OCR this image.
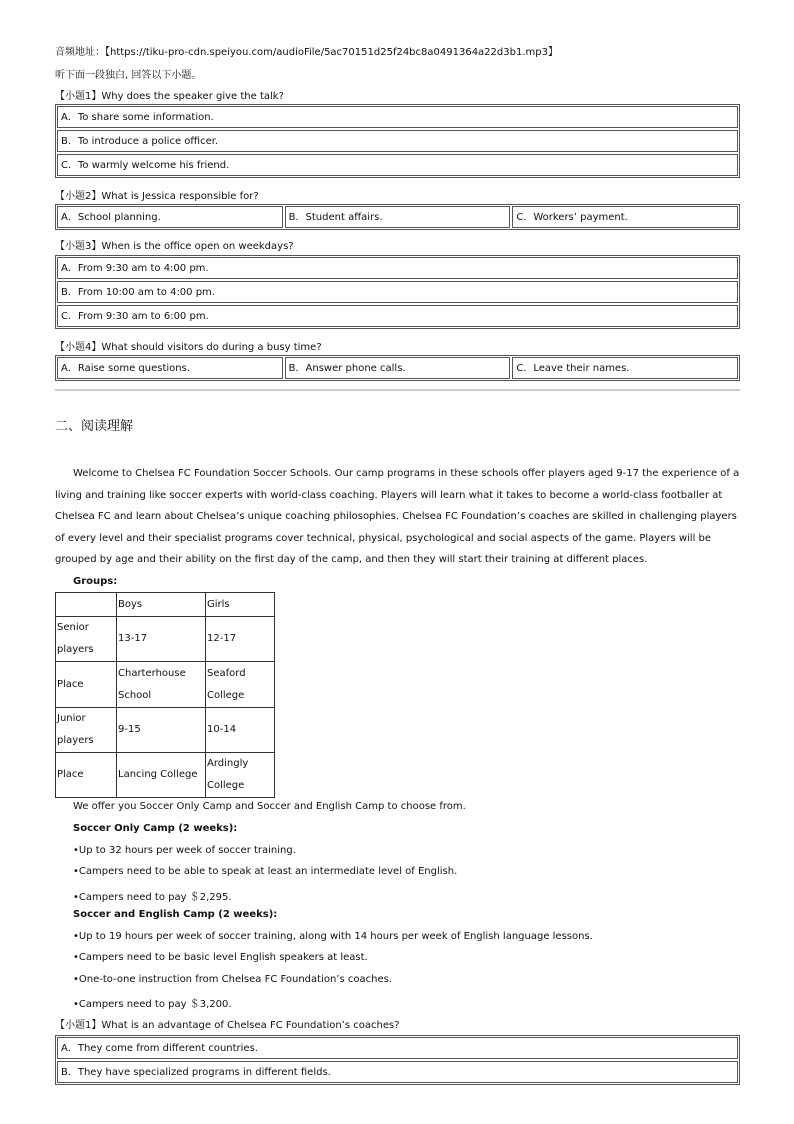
音频地址：【https://tiku-pro-cdn.speiyou.com/audioFile/5ac70151d25f24bc8a0491364a22d3b1.mp3】
听下面一段独白, 回答以下小题。
【小题1】Why does the speaker give the talk?
A．To share some information.
B．To introduce a police officer.
C．To warmly welcome his friend.
【小题2】What is Jessica responsible for?
A．School planning.	B．Student affairs.	C．Workers’ payment.
【小题3】When is the office open on weekdays?
A．From 9:30 am to 4:00 pm.
B．From 10:00 am to 4:00 pm.
C．From 9:30 am to 6:00 pm.
【小题4】What should visitors do during a busy time?
A．Raise some questions.	B．Answer phone calls.	C．Leave their names.
二、阅读理解

Welcome to Chelsea FC Foundation Soccer Schools. Our camp programs in these schools offer players aged 9-17 the experience of a living and training like soccer experts with world-class coaching. Players will learn what it takes to become a world-class footballer at Chelsea FC and learn about Chelsea’s unique coaching philosophies. Chelsea FC Foundation’s coaches are skilled in challenging players of every level and their specialist programs cover technical, physical, psychological and social aspects of the game. Players will be grouped by age and their ability on the first day of the camp, and then they will start their training at different places.

Groups:
	Boys	Girls
Senior players	13-17	12-17
Place	Charterhouse School	Seaford College
Junior players	9-15	10-14
Place	Lancing College	Ardingly College
We offer you Soccer Only Camp and Soccer and English Camp to choose from.
Soccer Only Camp (2 weeks):
•Up to 32 hours per week of soccer training.
•Campers need to be able to speak at least an intermediate level of English.
•Campers need to pay ＄2,295.
Soccer and English Camp (2 weeks):
•Up to 19 hours per week of soccer training, along with 14 hours per week of English language lessons.
•Campers need to be basic level English speakers at least.
•One-to-one instruction from Chelsea FC Foundation’s coaches.
•Campers need to pay ＄3,200.
【小题1】What is an advantage of Chelsea FC Foundation’s coaches?
A．They come from different countries.
B．They have specialized programs in different fields.
